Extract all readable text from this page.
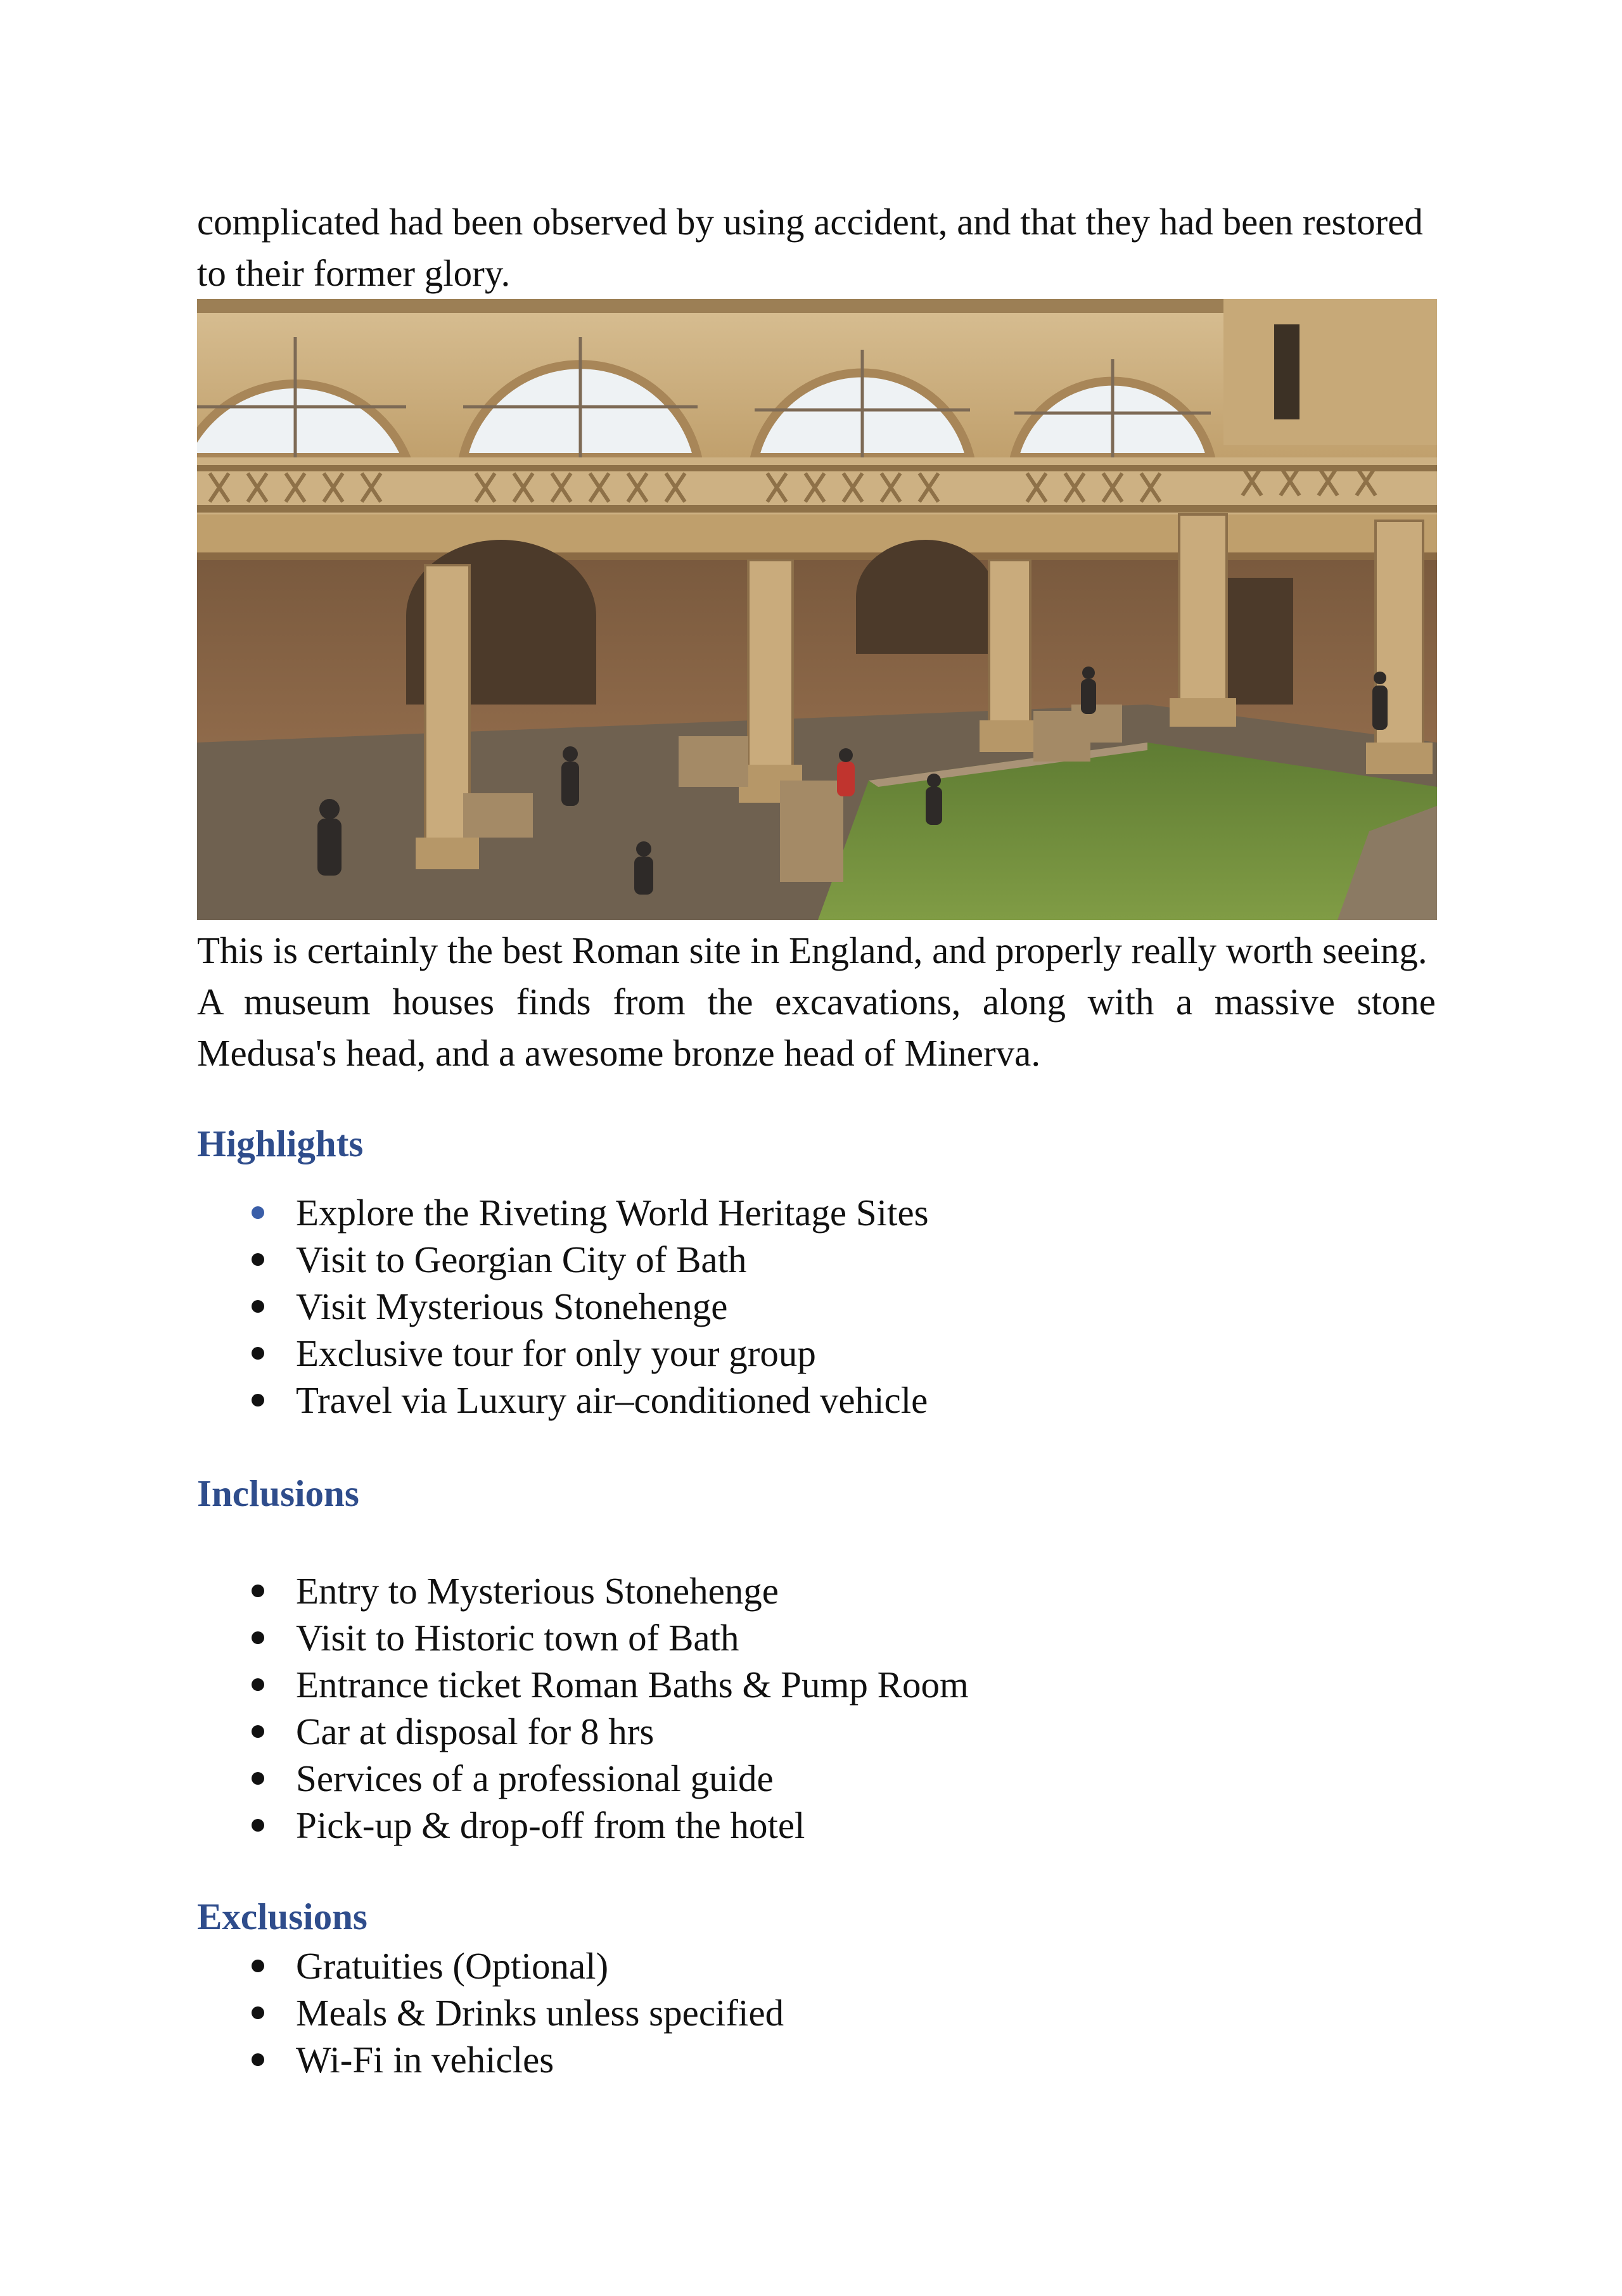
complicated had been observed by using accident, and that they had been restored

to their former glory.

This is certainly the best Roman site in England, and properly really worth seeing.

A museum houses finds from the excavations, along with a massive stone

Medusa's head, and a awesome bronze head of Minerva.

Highlights
Explore the Riveting World Heritage Sites
Visit to Georgian City of Bath
Visit Mysterious Stonehenge
Exclusive tour for only your group
Travel via Luxury air–conditioned vehicle
Inclusions
Entry to Mysterious Stonehenge
Visit to Historic town of Bath
Entrance ticket Roman Baths & Pump Room
Car at disposal for 8 hrs
Services of a professional guide
Pick-up & drop-off from the hotel
Exclusions
Gratuities (Optional)
Meals & Drinks unless specified
Wi-Fi in vehicles
